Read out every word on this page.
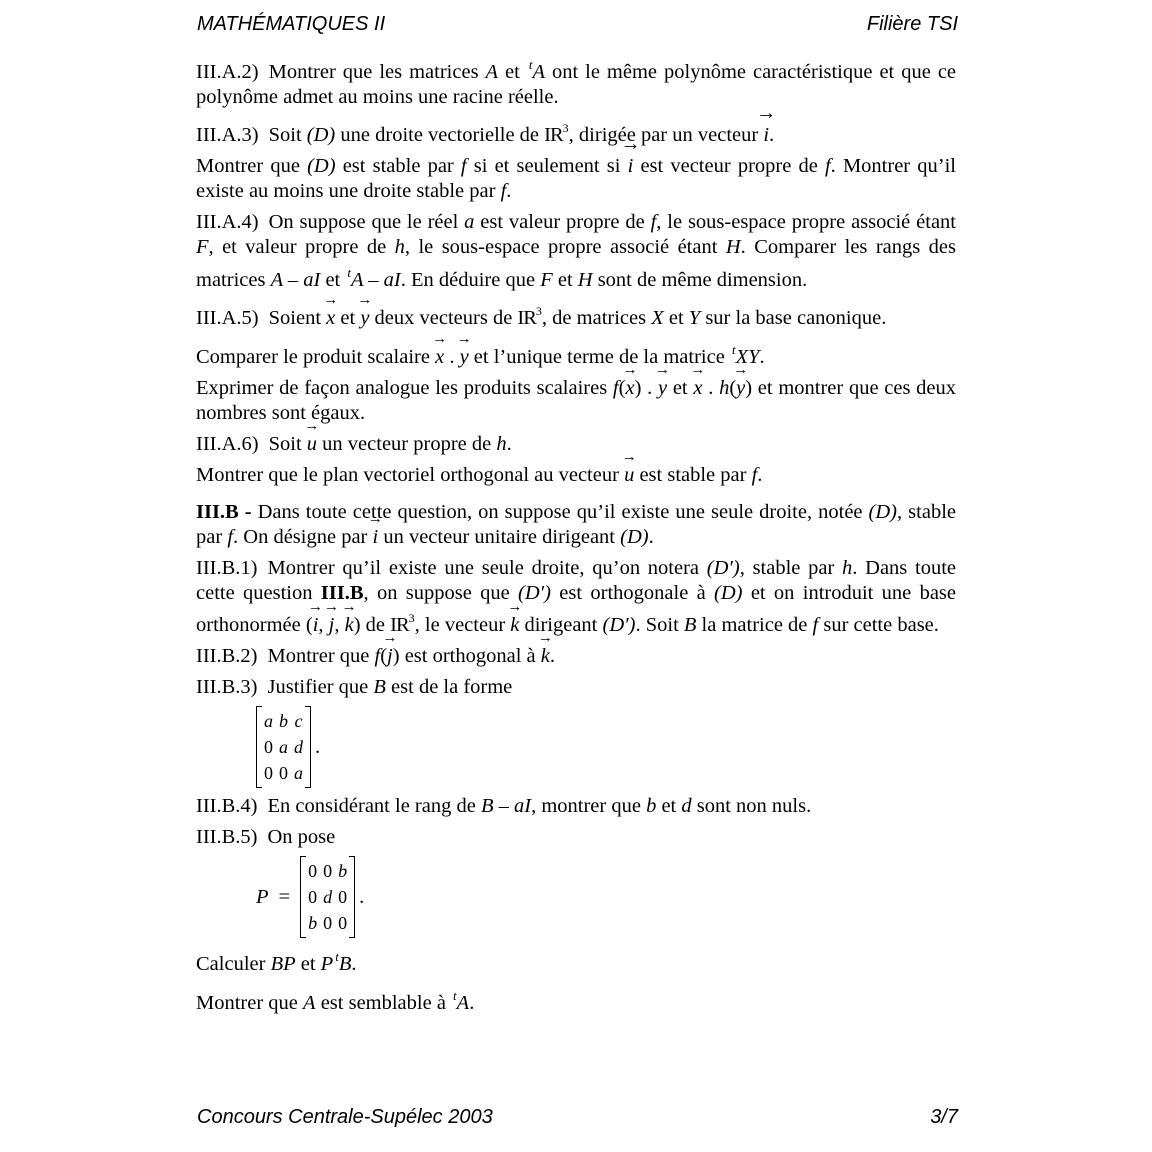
MATHÉMATIQUES II	Filière TSI

III.A.2) Montrer que les matrices A et $^t$A ont le même polynôme caractéristique et que ce polynôme admet au moins une racine réelle.

III.A.3) Soit (D) une droite vectorielle de $IR^3$, dirigée par un vecteur → i.

Montrer que (D) est stable par f si et seulement si → i est vecteur propre de f. Montrer qu’il existe au moins une droite stable par f.

III.A.4) On suppose que le réel a est valeur propre de f, le sous-espace propre associé étant F, et valeur propre de h, le sous-espace propre associé étant H. Comparer les rangs des matrices A – aI et $^t$A – aI. En déduire que F et H sont de même dimension.

III.A.5) Soient → x et → y deux vecteurs de $IR^3$, de matrices X et Y sur la base canonique.

Comparer le produit scalaire → x . → y et l’unique terme de la matrice $^t$XY.

Exprimer de façon analogue les produits scalaires f(→ x) . → y et → x . h(→ y) et montrer que ces deux nombres sont égaux.

III.A.6) Soit → u un vecteur propre de h.

Montrer que le plan vectoriel orthogonal au vecteur → u est stable par f.

III.B - Dans toute cette question, on suppose qu’il existe une seule droite, notée (D), stable par f. On désigne par → i un vecteur unitaire dirigeant (D).

III.B.1) Montrer qu’il existe une seule droite, qu’on notera (D′), stable par h. Dans toute cette question III.B, on suppose que (D′) est orthogonale à (D) et on introduit une base orthonormée (→ i, → j, → k) de $IR^3$, le vecteur → k dirigeant (D′). Soit B la matrice de f sur cette base.

III.B.2) Montrer que f(→ j) est orthogonal à → k.

III.B.3) Justifier que B est de la forme

a	b	c
0	a	d
0	0	a
.

III.B.4) En considérant le rang de B – aI, montrer que b et d sont non nuls.

III.B.5) On pose

P =
0	0	b
0	d	0
b	0	0
.

Calculer BP et P $^t$B.

Montrer que A est semblable à $^t$A.

Concours Centrale-Supélec 2003	3/7
